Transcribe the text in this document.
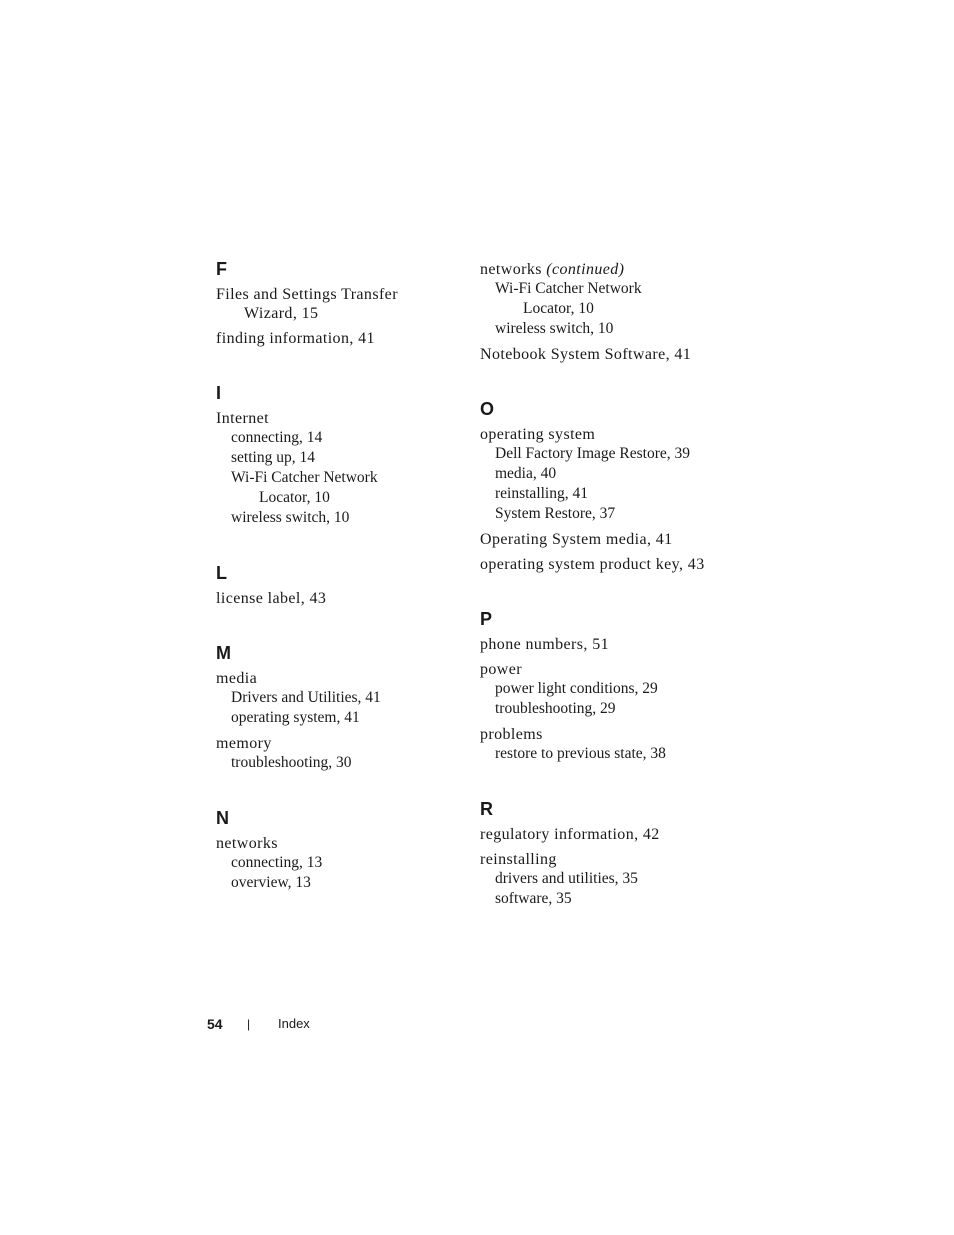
F
Files and Settings Transfer
Wizard, 15
finding information, 41
I
Internet
connecting, 14
setting up, 14
Wi-Fi Catcher Network
Locator, 10
wireless switch, 10
L
license label, 43
M
media
Drivers and Utilities, 41
operating system, 41
memory
troubleshooting, 30
N
networks
connecting, 13
overview, 13
networks (continued)
Wi-Fi Catcher Network
Locator, 10
wireless switch, 10
Notebook System Software, 41
O
operating system
Dell Factory Image Restore, 39
media, 40
reinstalling, 41
System Restore, 37
Operating System media, 41
operating system product key, 43
P
phone numbers, 51
power
power light conditions, 29
troubleshooting, 29
problems
restore to previous state, 38
R
regulatory information, 42
reinstalling
drivers and utilities, 35
software, 35
54 | Index
